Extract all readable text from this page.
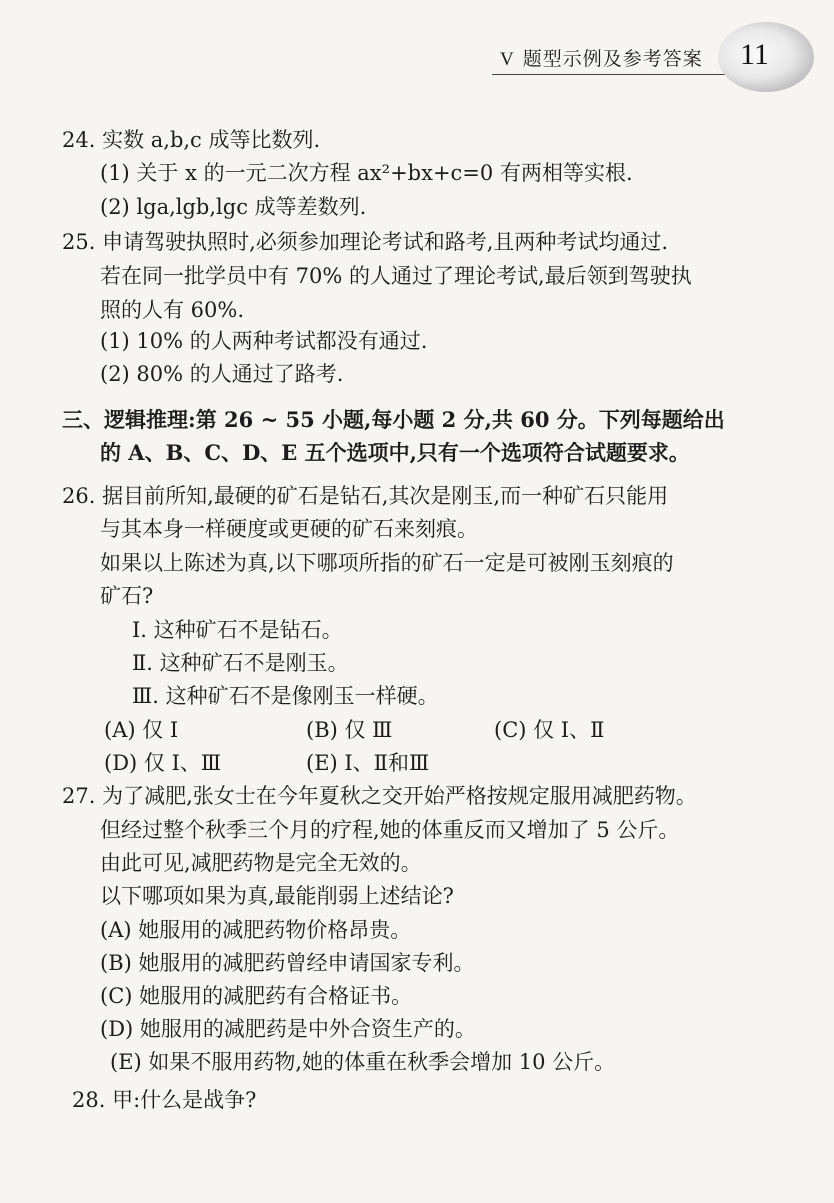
V 题型示例及参考答案 11
24. 实数 a,b,c 成等比数列.
(1) 关于 x 的一元二次方程 ax²+bx+c=0 有两相等实根.
(2) lga,lgb,lgc 成等差数列.
25. 申请驾驶执照时,必须参加理论考试和路考,且两种考试均通过.
若在同一批学员中有 70% 的人通过了理论考试,最后领到驾驶执
照的人有 60%.
(1) 10% 的人两种考试都没有通过.
(2) 80% 的人通过了路考.
三、逻辑推理:第 26 ~ 55 小题,每小题 2 分,共 60 分。下列每题给出
的 A、B、C、D、E 五个选项中,只有一个选项符合试题要求。
26. 据目前所知,最硬的矿石是钻石,其次是刚玉,而一种矿石只能用
与其本身一样硬度或更硬的矿石来刻痕。
如果以上陈述为真,以下哪项所指的矿石一定是可被刚玉刻痕的
矿石?
Ⅰ. 这种矿石不是钻石。
Ⅱ. 这种矿石不是刚玉。
Ⅲ. 这种矿石不是像刚玉一样硬。
(A) 仅 Ⅰ	(B) 仅 Ⅲ	(C) 仅 Ⅰ、Ⅱ
(D) 仅 Ⅰ、Ⅲ	(E) Ⅰ、Ⅱ和Ⅲ
27. 为了减肥,张女士在今年夏秋之交开始严格按规定服用减肥药物。
但经过整个秋季三个月的疗程,她的体重反而又增加了 5 公斤。
由此可见,减肥药物是完全无效的。
以下哪项如果为真,最能削弱上述结论?
(A) 她服用的减肥药物价格昂贵。
(B) 她服用的减肥药曾经申请国家专利。
(C) 她服用的减肥药有合格证书。
(D) 她服用的减肥药是中外合资生产的。
(E) 如果不服用药物,她的体重在秋季会增加 10 公斤。
28. 甲:什么是战争?
